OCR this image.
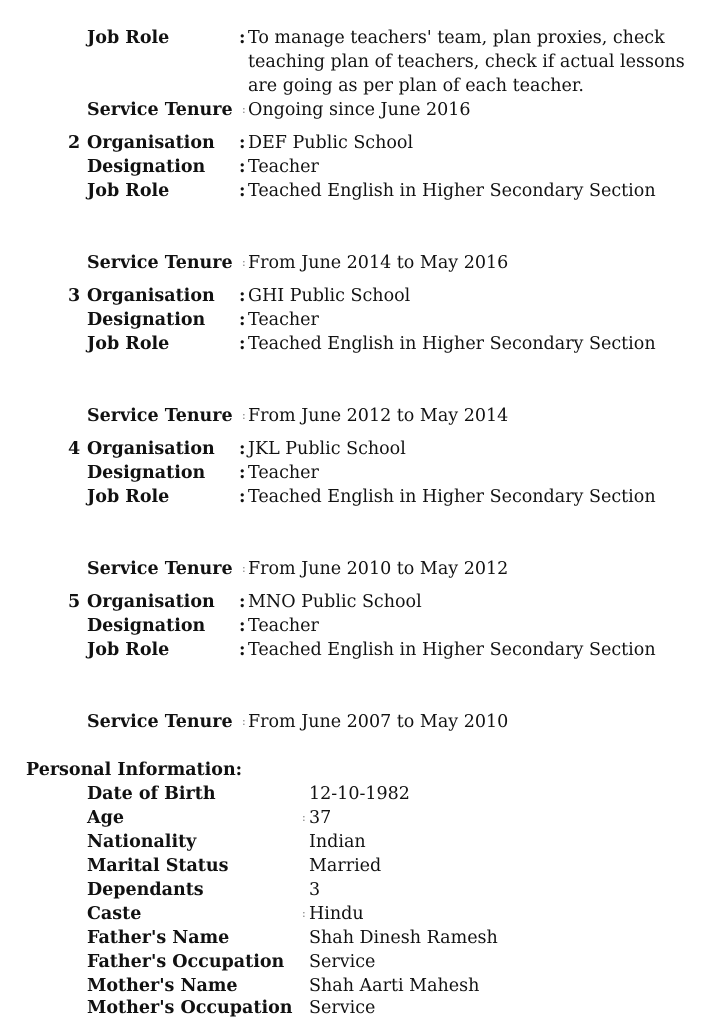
Job Role	: To manage teachers' team, plan proxies, check
teaching plan of teachers, check if actual lessons
are going as per plan of each teacher.
Service Tenure : Ongoing since June 2016
2 Organisation : DEF Public School
Designation : Teacher
Job Role	: Teached English in Higher Secondary Section
Service Tenure : From June 2014 to May 2016
3 Organisation : GHI Public School
Designation : Teacher
Job Role	: Teached English in Higher Secondary Section
Service Tenure : From June 2012 to May 2014
4 Organisation : JKL Public School
Designation : Teacher
Job Role	: Teached English in Higher Secondary Section
Service Tenure : From June 2010 to May 2012
5 Organisation : MNO Public School
Designation : Teacher
Job Role	: Teached English in Higher Secondary Section
Service Tenure : From June 2007 to May 2010
Personal Information:
Date of Birth	12-10-1982
Age	: 37
Nationality	Indian
Marital Status	Married
Dependants	3
Caste	: Hindu
Father's Name	Shah Dinesh Ramesh
Father's Occupation Service
Mother's Name	Shah Aarti Mahesh
Mother's Occupation Service
